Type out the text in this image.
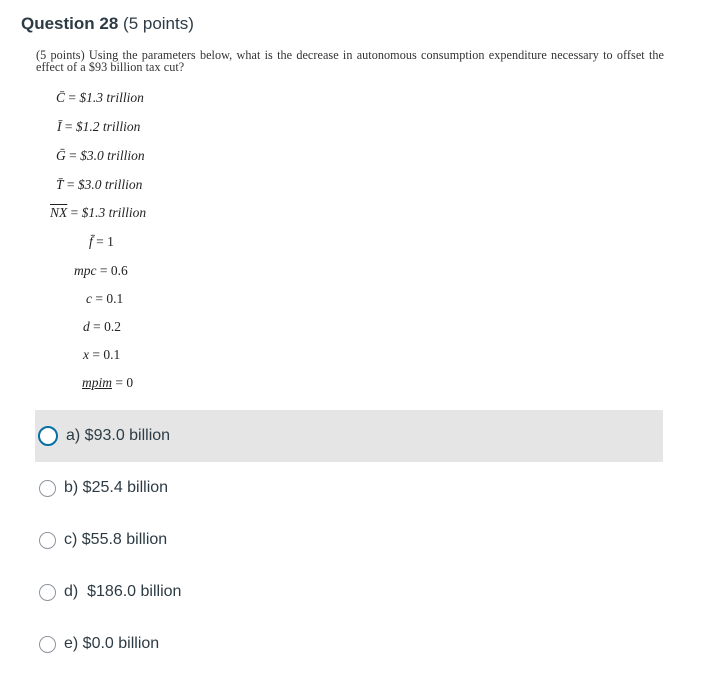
Question 28 (5 points)
(5 points) Using the parameters below, what is the decrease in autonomous consumption expenditure necessary to offset the effect of a $93 billion tax cut?
C̄ = $1.3 trillion
Ī = $1.2 trillion
Ḡ = $3.0 trillion
T̄ = $3.0 trillion
$\overline{NX}$ = $1.3 trillion
f̄ = 1
mpc = 0.6
c = 0.1
d = 0.2
x = 0.1
mpim = 0
a) $93.0 billion
b) $25.4 billion
c) $55.8 billion
d)  $186.0 billion
e) $0.0 billion
